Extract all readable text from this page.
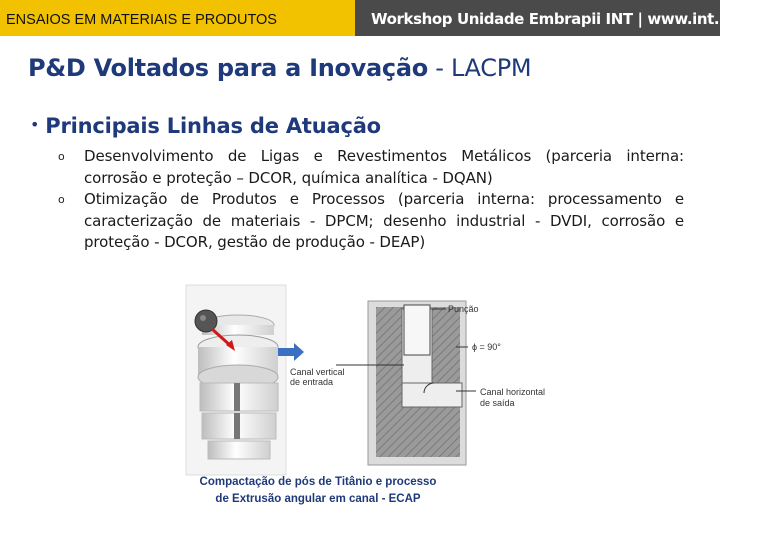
ENSAIOS EM MATERIAIS E PRODUTOS	Workshop Unidade Embrapii INT | www.int.gov.br
P&D Voltados para a Inovação - LACPM
• Principais Linhas de Atuação
o Desenvolvimento de Ligas e Revestimentos Metálicos (parceria interna: corrosão e proteção – DCOR, química analítica - DQAN)
o Otimização de Produtos e Processos (parceria interna: processamento e caracterização de materiais - DPCM; desenho industrial - DVDI, corrosão e proteção - DCOR, gestão de produção - DEAP)
Punção
ϕ = 90°
Canal vertical
de entrada
Canal horizontal
de saída
Compactação de pós de Titânio e processo
de Extrusão angular em canal - ECAP
